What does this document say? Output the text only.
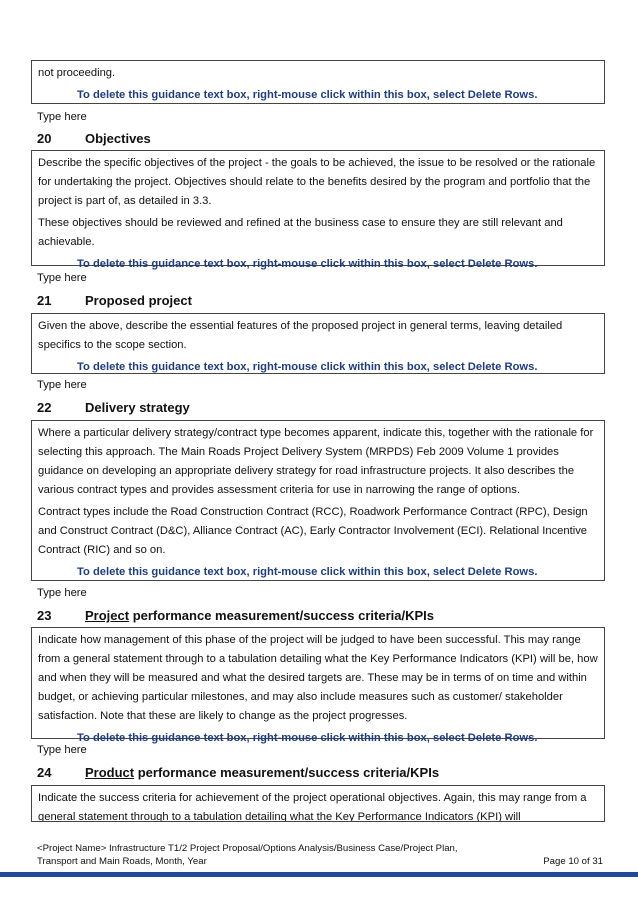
not proceeding.

To delete this guidance text box, right-mouse click within this box, select Delete Rows.

Type here
20	Objectives

Describe the specific objectives of the project - the goals to be achieved, the issue to be resolved or the rationale for undertaking the project. Objectives should relate to the benefits desired by the program and portfolio that the project is part of, as detailed in 3.3.

These objectives should be reviewed and refined at the business case to ensure they are still relevant and achievable.

To delete this guidance text box, right-mouse click within this box, select Delete Rows.

Type here
21	Proposed project

Given the above, describe the essential features of the proposed project in general terms, leaving detailed specifics to the scope section.

To delete this guidance text box, right-mouse click within this box, select Delete Rows.

Type here
22	Delivery strategy

Where a particular delivery strategy/contract type becomes apparent, indicate this, together with the rationale for selecting this approach. The Main Roads Project Delivery System (MRPDS) Feb 2009 Volume 1 provides guidance on developing an appropriate delivery strategy for road infrastructure projects. It also describes the various contract types and provides assessment criteria for use in narrowing the range of options.

Contract types include the Road Construction Contract (RCC), Roadwork Performance Contract (RPC), Design and Construct Contract (D&C), Alliance Contract (AC), Early Contractor Involvement (ECI). Relational Incentive Contract (RIC) and so on.

To delete this guidance text box, right-mouse click within this box, select Delete Rows.

Type here
23	Project performance measurement/success criteria/KPIs

Indicate how management of this phase of the project will be judged to have been successful. This may range from a general statement through to a tabulation detailing what the Key Performance Indicators (KPI) will be, how and when they will be measured and what the desired targets are. These may be in terms of on time and within budget, or achieving particular milestones, and may also include measures such as customer/ stakeholder satisfaction. Note that these are likely to change as the project progresses.

To delete this guidance text box, right-mouse click within this box, select Delete Rows.

Type here
24	Product performance measurement/success criteria/KPIs

Indicate the success criteria for achievement of the project operational objectives. Again, this may range from a general statement through to a tabulation detailing what the Key Performance Indicators (KPI) will

<Project Name> Infrastructure T1/2 Project Proposal/Options Analysis/Business Case/Project Plan,
Transport and Main Roads, Month, Year	Page 10 of 31
